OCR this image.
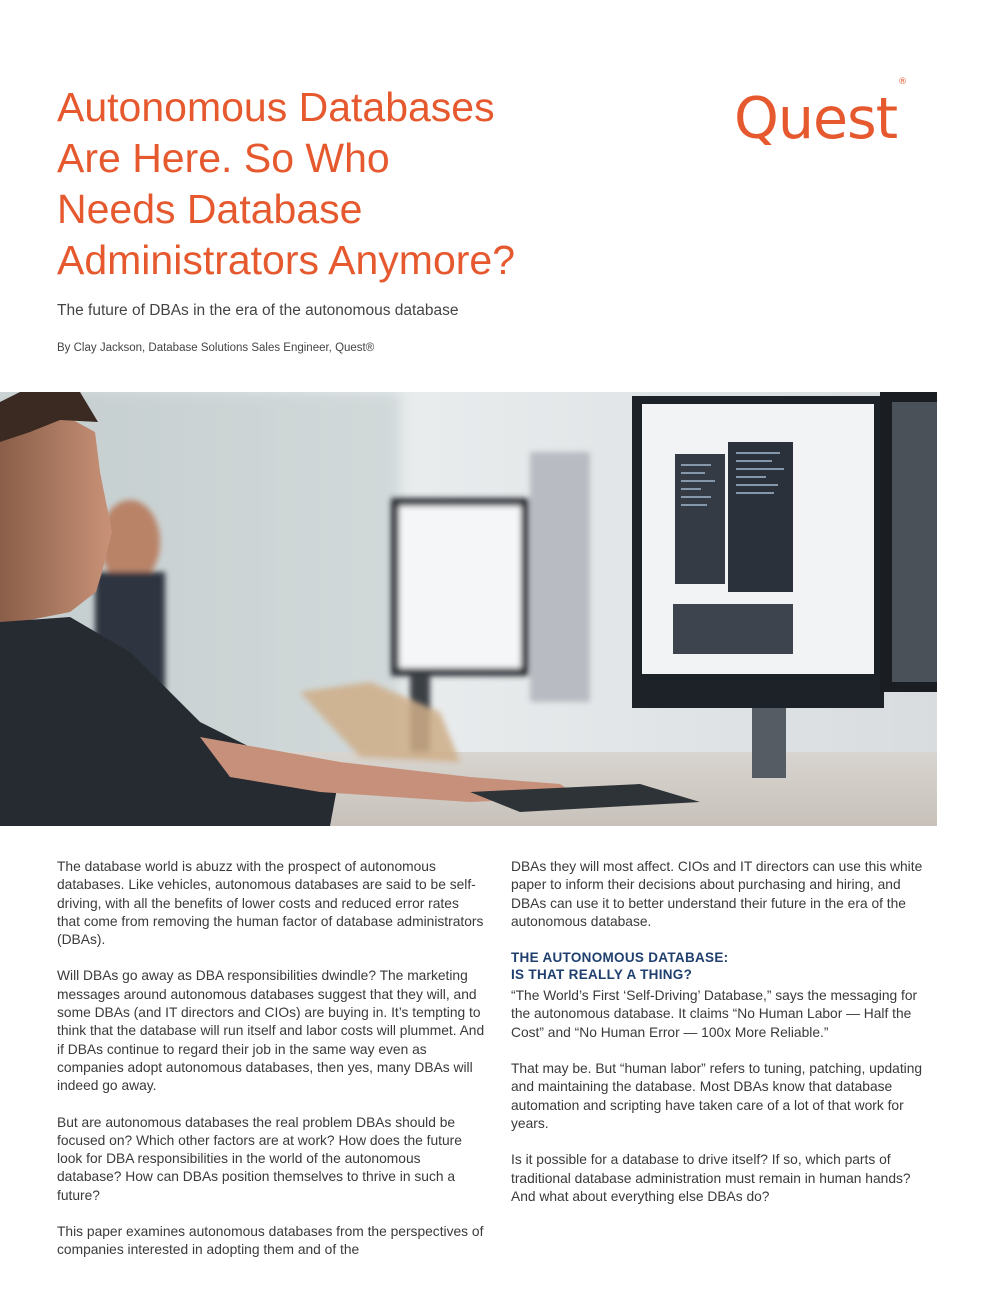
Autonomous Databases
Are Here. So Who
Needs Database
Administrators Anymore?
Quest®
The future of DBAs in the era of the autonomous database
By Clay Jackson, Database Solutions Sales Engineer, Quest®

The database world is abuzz with the prospect of autonomous databases. Like vehicles, autonomous databases are said to be self-driving, with all the benefits of lower costs and reduced error rates that come from removing the human factor of database administrators (DBAs).

Will DBAs go away as DBA responsibilities dwindle? The marketing messages around autonomous databases suggest that they will, and some DBAs (and IT directors and CIOs) are buying in. It’s tempting to think that the database will run itself and labor costs will plummet. And if DBAs continue to regard their job in the same way even as companies adopt autonomous databases, then yes, many DBAs will indeed go away.

But are autonomous databases the real problem DBAs should be focused on? Which other factors are at work? How does the future look for DBA responsibilities in the world of the autonomous database? How can DBAs position themselves to thrive in such a future?

This paper examines autonomous databases from the perspectives of companies interested in adopting them and of the

DBAs they will most affect. CIOs and IT directors can use this white paper to inform their decisions about purchasing and hiring, and DBAs can use it to better understand their future in the era of the autonomous database.

THE AUTONOMOUS DATABASE:
IS THAT REALLY A THING?

“The World’s First ‘Self-Driving’ Database,” says the messaging for the autonomous database. It claims “No Human Labor — Half the Cost” and “No Human Error — 100x More Reliable.”

That may be. But “human labor” refers to tuning, patching, updating and maintaining the database. Most DBAs know that database automation and scripting have taken care of a lot of that work for years.

Is it possible for a database to drive itself? If so, which parts of traditional database administration must remain in human hands? And what about everything else DBAs do?
